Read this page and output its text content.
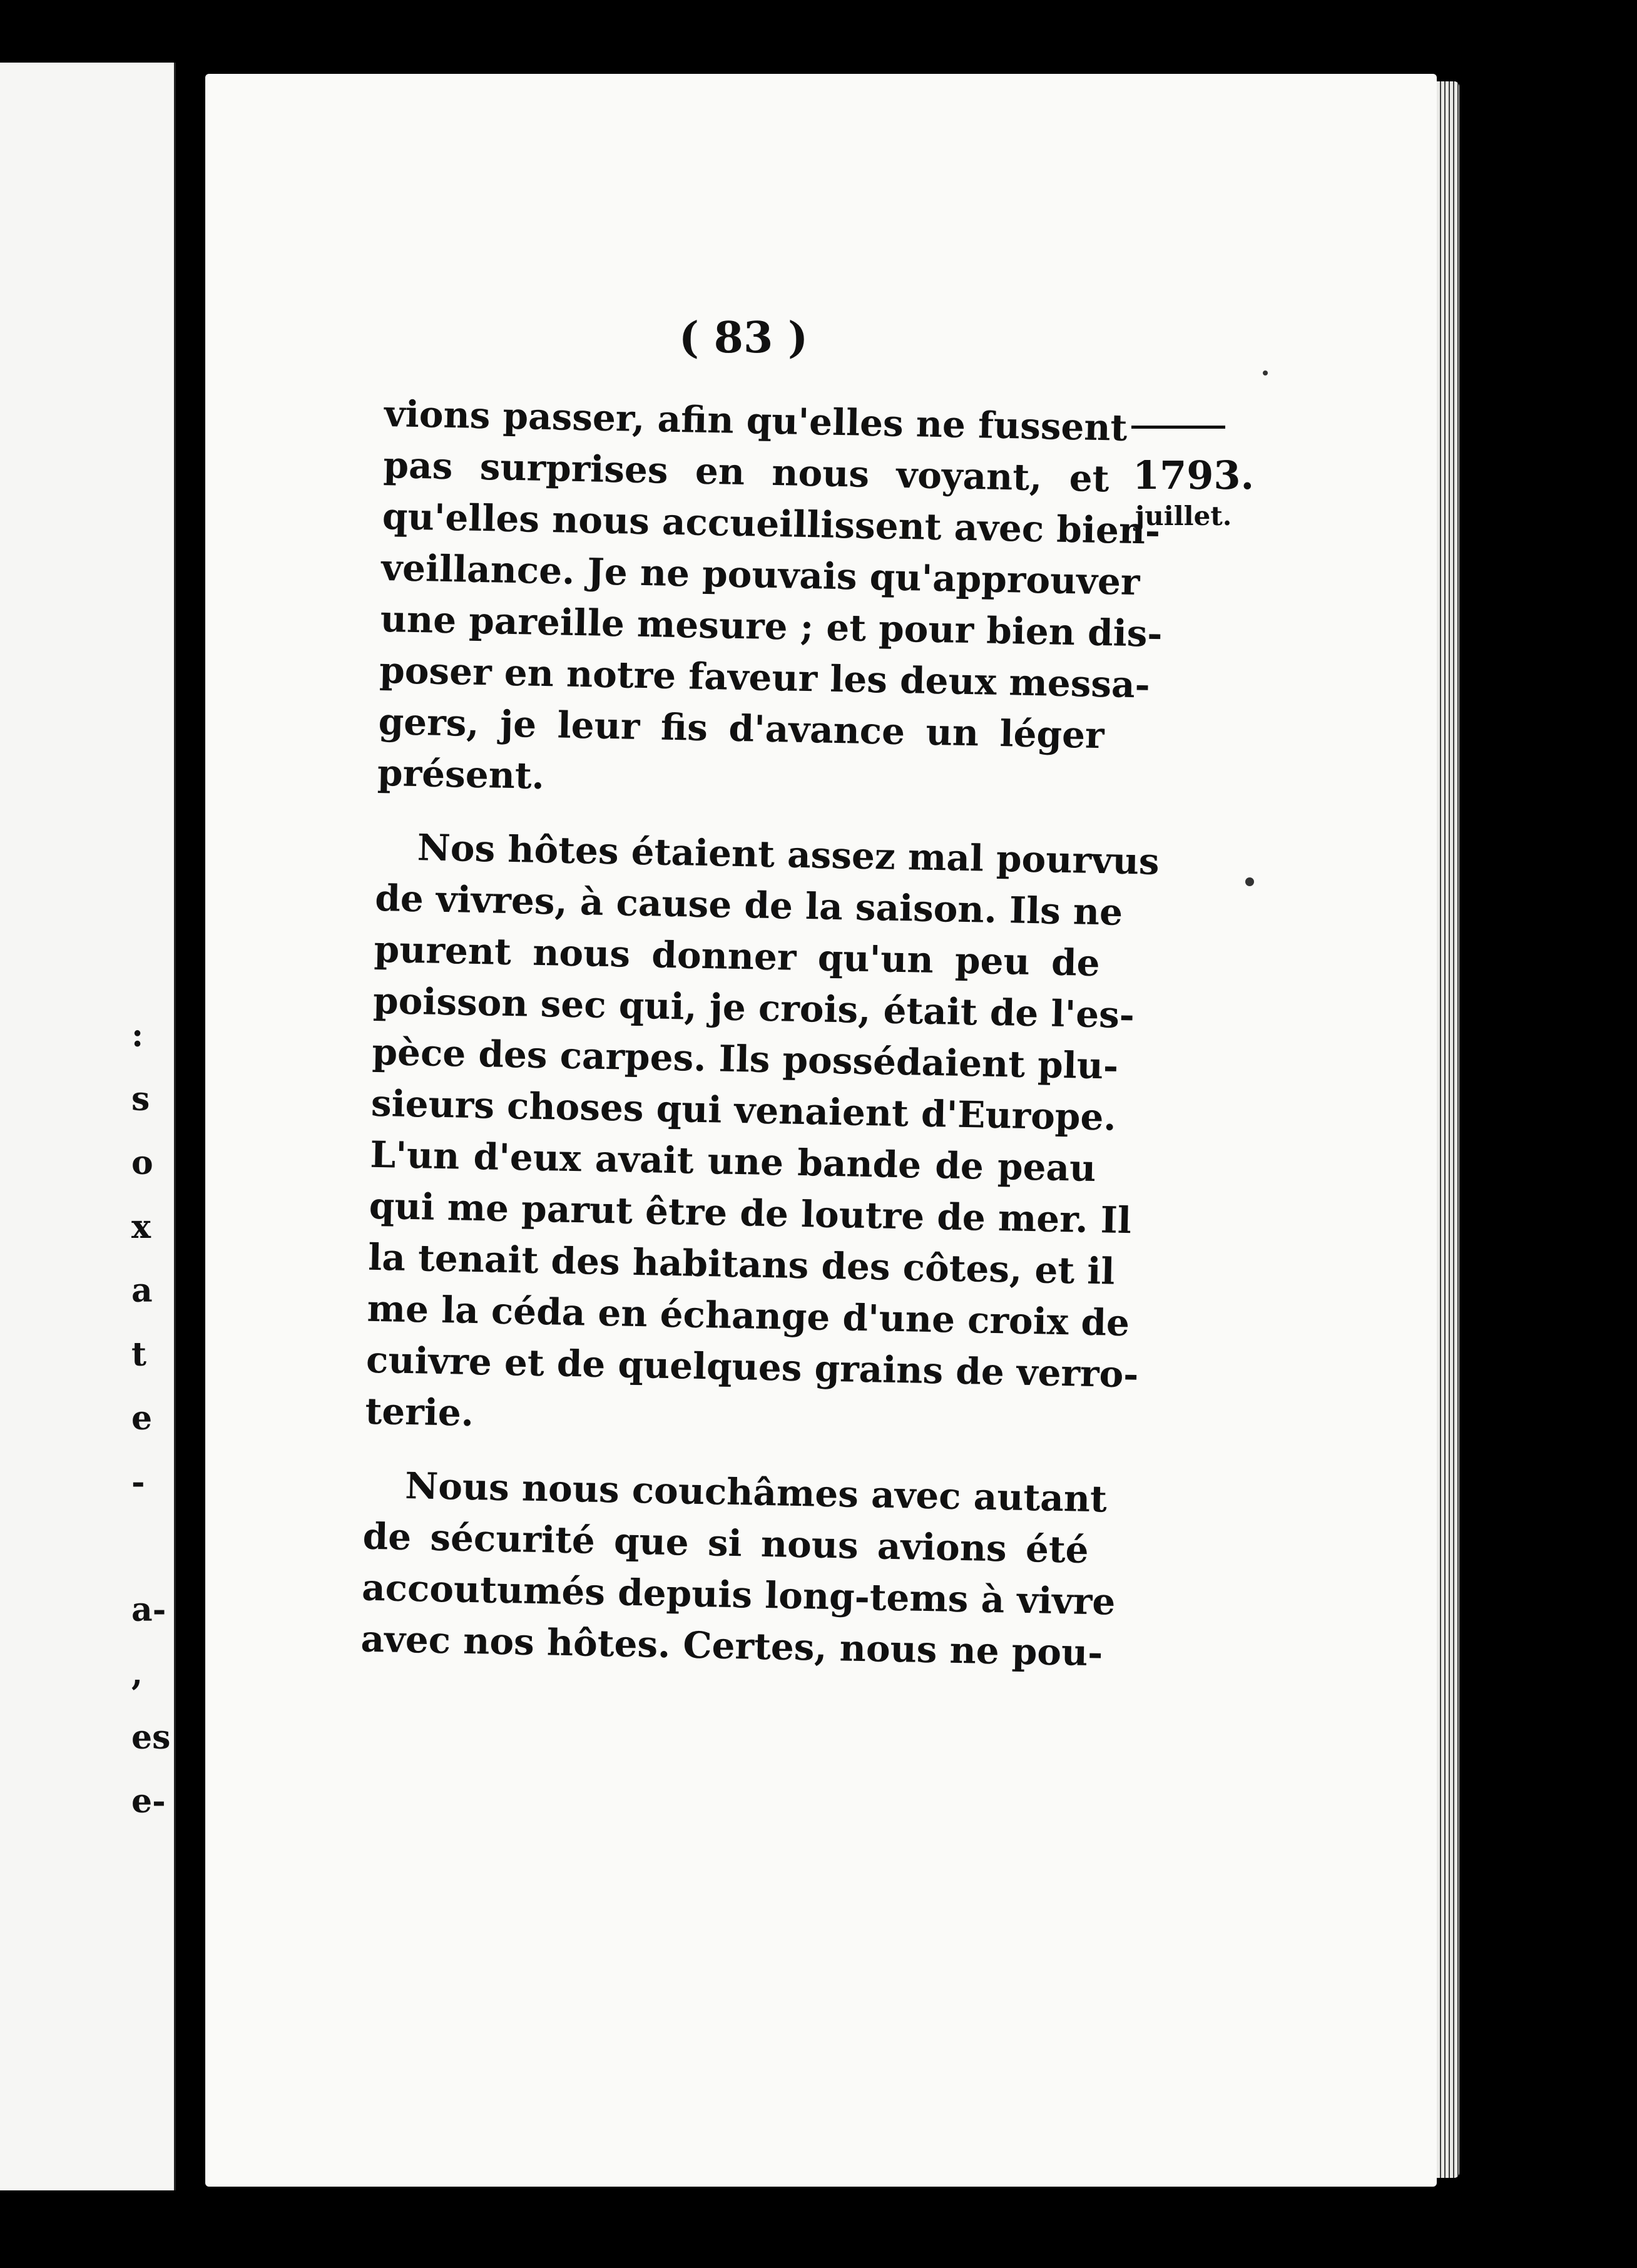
:
s
o
x
a
t
e
-
a-
,
es
e-
( 83 )
vions passer, afin qu'elles ne fussent
pas surprises en nous voyant, et
qu'elles nous accueillissent avec bien-
veillance. Je ne pouvais qu'approuver
une pareille mesure ; et pour bien dis-
poser en notre faveur les deux messa-
gers, je leur fis d'avance un léger
présent.
Nos hôtes étaient assez mal pourvus
de vivres, à cause de la saison. Ils ne
purent nous donner qu'un peu de
poisson sec qui, je crois, était de l'es-
pèce des carpes. Ils possédaient plu-
sieurs choses qui venaient d'Europe.
L'un d'eux avait une bande de peau
qui me parut être de loutre de mer. Il
la tenait des habitans des côtes, et il
me la céda en échange d'une croix de
cuivre et de quelques grains de verro-
terie.
Nous nous couchâmes avec autant
de sécurité que si nous avions été
accoutumés depuis long-tems à vivre
avec nos hôtes. Certes, nous ne pou-
1793.
juillet.
